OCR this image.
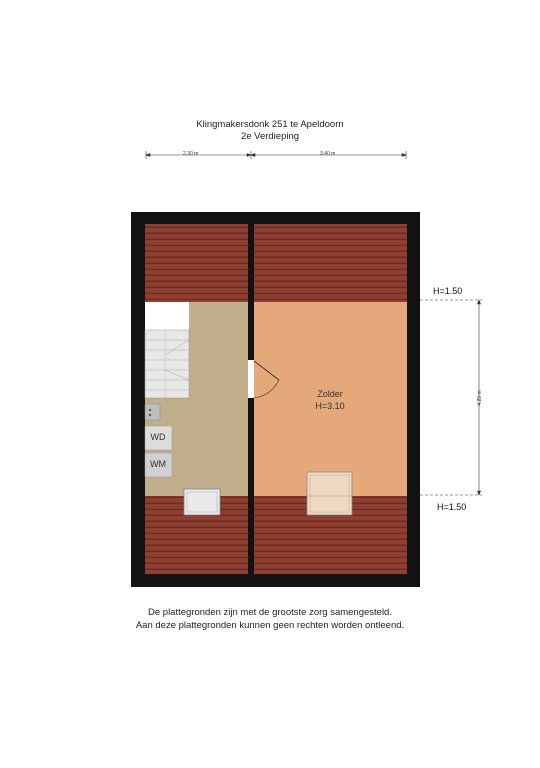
Klingmakersdonk 251 te Apeldoorn
2e Verdieping
2.30 m	3.40 m
4.29 m
Zolder
H=3.10
H=1.50
H=1.50
WD
WM
De plattegronden zijn met de grootste zorg samengesteld.
Aan deze plattegronden kunnen geen rechten worden ontleend.
